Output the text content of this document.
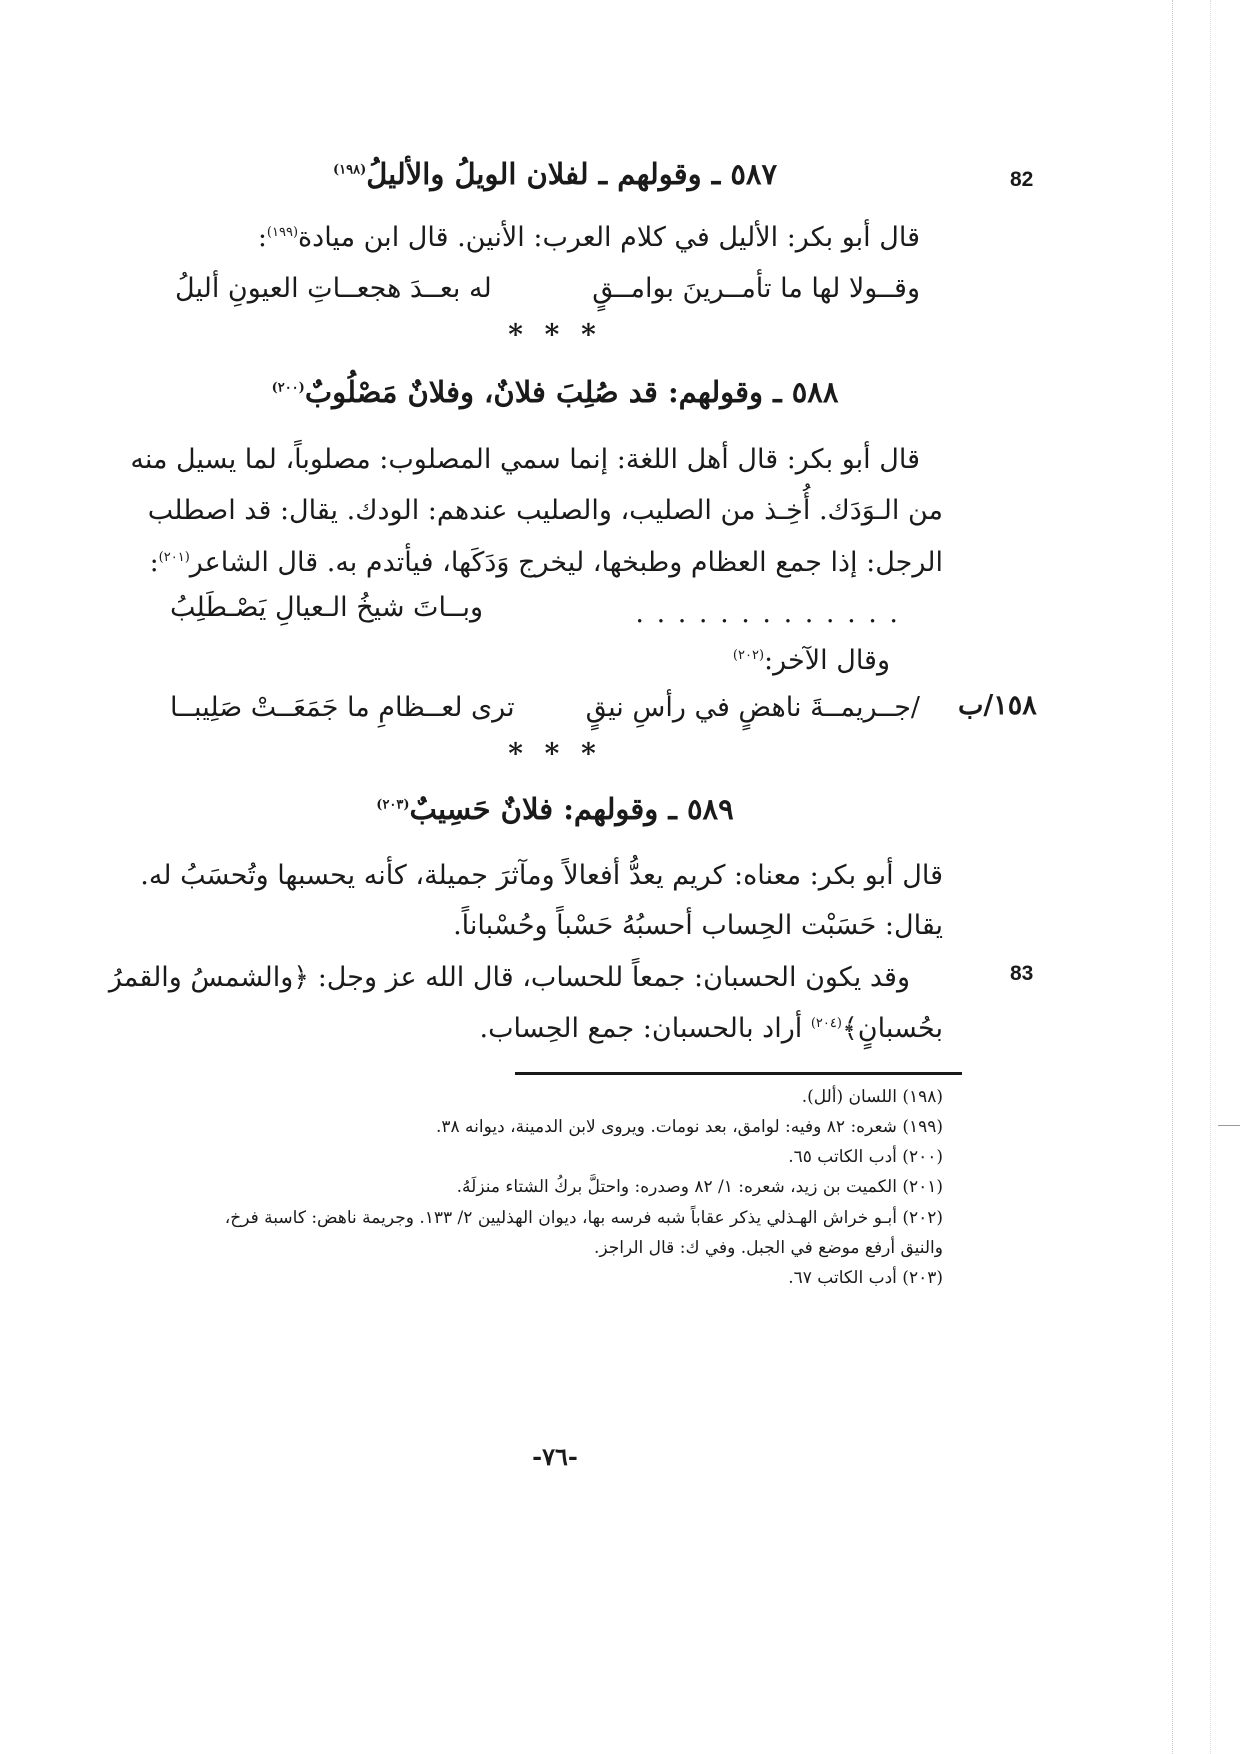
82
83
١٥٨/ب
٥٨٧ ـ وقولهم ـ لفلان الويلُ والأليلُ$^{(١٩٨)}$
قال أبو بكر: الأليل في كلام العرب: الأنين. قال ابن ميادة$^{(١٩٩)}$:
وقــولا لها ما تأمــرينَ بوامــقٍ
له بعــدَ هجعــاتِ العيونِ أليلُ
* * *
٥٨٨ ـ وقولهم: قد صُلِبَ فلانٌ، وفلانٌ مَصْلُوبٌ$^{(٢٠٠)}$
قال أبو بكر: قال أهل اللغة: إنما سمي المصلوب: مصلوباً، لما يسيل منه
من الـوَدَك. أُخِـذ من الصليب، والصليب عندهم: الودك. يقال: قد اصطلب
الرجل: إذا جمع العظام وطبخها، ليخرج وَدَكَها، فيأتدم به. قال الشاعر$^{(٢٠١)}$:
. . . . . . . . . . . . .
وبــاتَ شيخُ الـعيالِ يَصْـطَلِبُ
وقال الآخر:$^{(٢٠٢)}$
/جــريمــةَ ناهضٍ في رأسِ نيقٍ
ترى لعــظامِ ما جَمَعَــتْ صَلِيبــا
* * *
٥٨٩ ـ وقولهم: فلانٌ حَسِيبٌ$^{(٢٠٣)}$
قال أبو بكر: معناه: كريم يعدُّ أفعالاً ومآثرَ جميلة، كأنه يحسبها وتُحسَبُ له.
يقال: حَسَبْت الحِساب أحسبُهُ حَسْباً وحُسْباناً.
وقد يكون الحسبان: جمعاً للحساب، قال الله عز وجل: ﴿والشمسُ والقمرُ
بحُسبانٍ﴾$^{(٢٠٤)}$ أراد بالحسبان: جمع الحِساب.
(١٩٨) اللسان (ألل).
(١٩٩) شعره: ٨٢ وفيه: لوامق، بعد نومات. ويروى لابن الدمينة، ديوانه ٣٨.
(٢٠٠) أدب الكاتب ٦٥.
(٢٠١) الكميت بن زيد، شعره: ١/ ٨٢ وصدره: واحتلَّ بركُ الشتاء منزلَهُ.
(٢٠٢) أبـو خراش الهـذلي يذكر عقاباً شبه فرسه بها، ديوان الهذليين ٢/ ١٣٣. وجريمة ناهض: كاسبة فرخ،
والنيق أرفع موضع في الجبل. وفي ك: قال الراجز.
(٢٠٣) أدب الكاتب ٦٧.
-٧٦-
